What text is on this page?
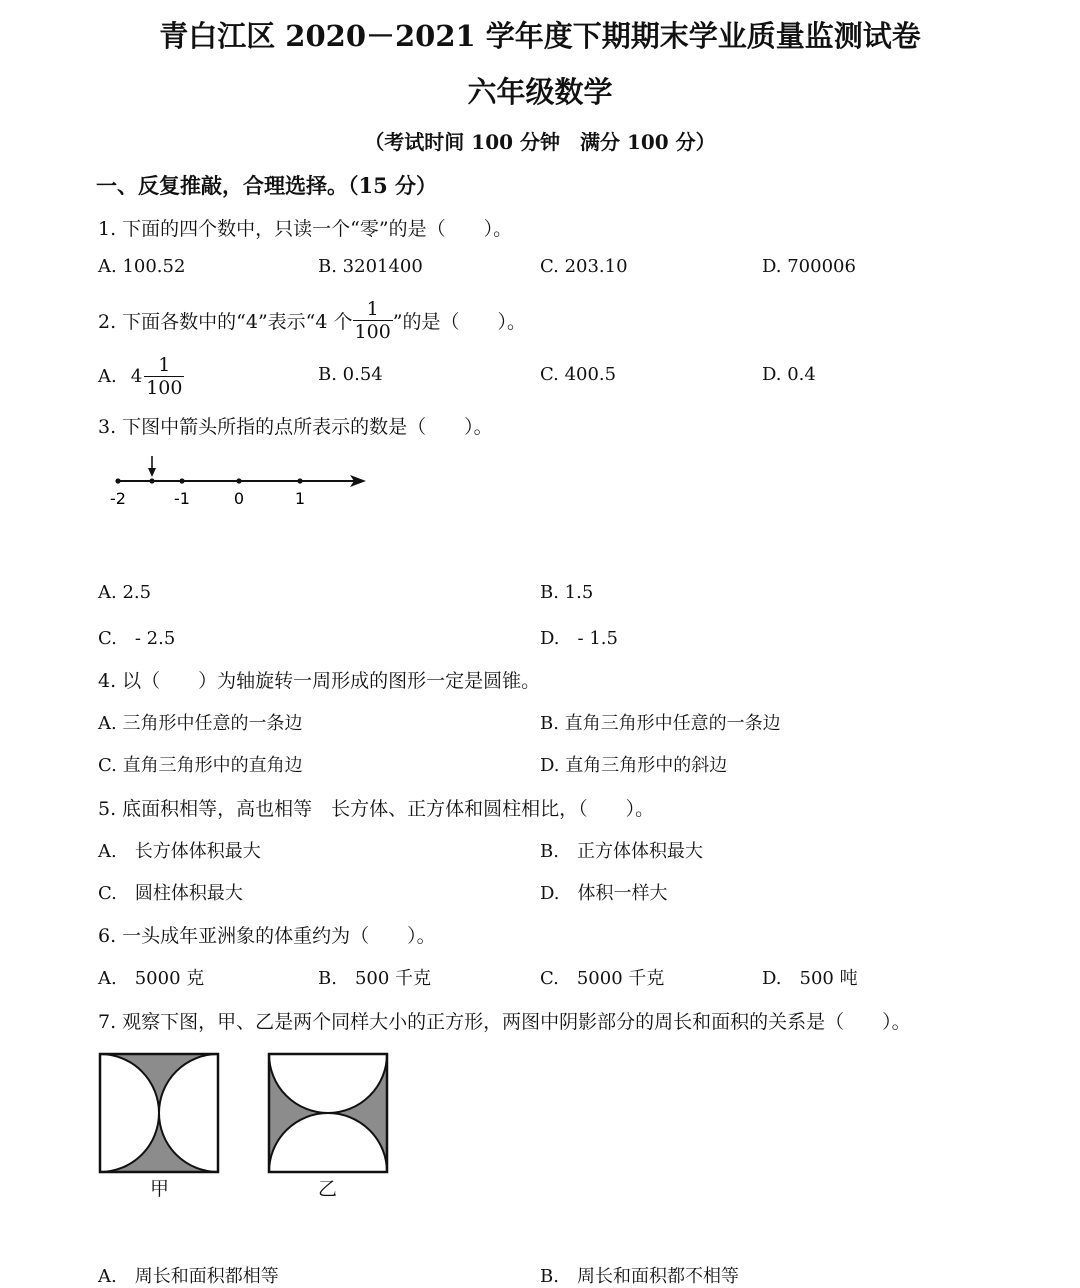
青白江区 2020－2021 学年度下期期末学业质量监测试卷
六年级数学
（考试时间 100 分钟　满分 100 分）
一、反复推敲，合理选择。（15 分）
1. 下面的四个数中，只读一个“零”的是（　　）。
A. 100.52	B. 3201400	C. 203.10	D. 700006
2. 下面各数中的“4”表示“4 个 $\frac{1}{100}$ ”的是（　　）。
A. $4 \frac{1}{100}$	B. 0.54	C. 400.5	D. 0.4
3. 下图中箭头所指的点所表示的数是（　　）。
-2	-1	0	1
A. 2.5	B. 1.5
C.　- 2.5	D.　- 1.5
4. 以（　　）为轴旋转一周形成的图形一定是圆锥。
A. 三角形中任意的一条边	B. 直角三角形中任意的一条边
C. 直角三角形中的直角边	D. 直角三角形中的斜边
5. 底面积相等，高也相等　长方体、正方体和圆柱相比，（　　）。
A.　长方体体积最大	B.　正方体体积最大
C.　圆柱体积最大	D.　体积一样大
6. 一头成年亚洲象的体重约为（　　）。
A.　5000 克	B.　500 千克	C.　5000 千克	D.　500 吨
7. 观察下图，甲、乙是两个同样大小的正方形，两图中阴影部分的周长和面积的关系是（　　）。
甲	乙
A.　周长和面积都相等	B.　周长和面积都不相等
